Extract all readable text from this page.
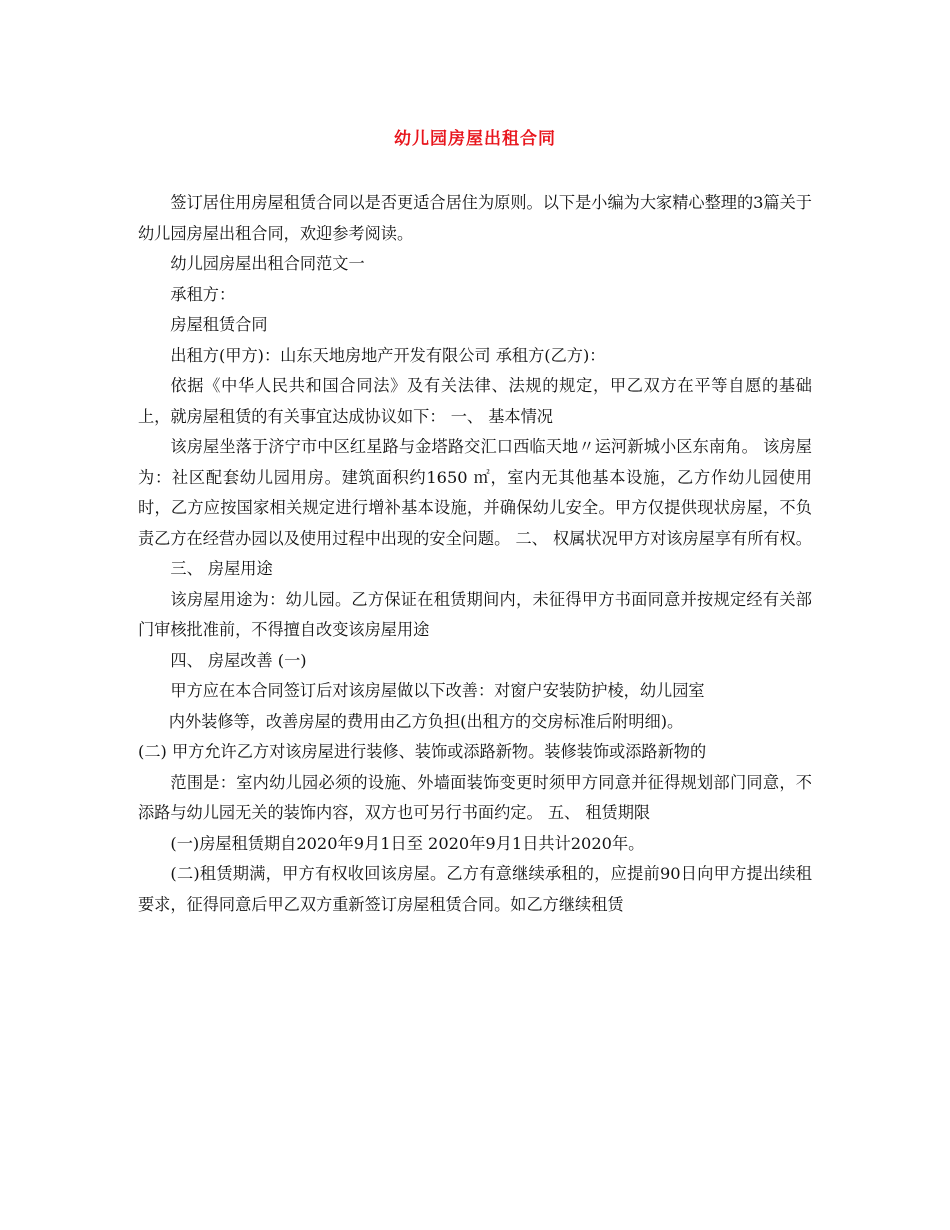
幼儿园房屋出租合同

签订居住用房屋租赁合同以是否更适合居住为原则。以下是小编为大家精心整理的3篇关于幼儿园房屋出租合同，欢迎参考阅读。

幼儿园房屋出租合同范文一

承租方：

房屋租赁合同

出租方(甲方)：山东天地房地产开发有限公司 承租方(乙方)：

依据《中华人民共和国合同法》及有关法律、法规的规定，甲乙双方在平等自愿的基础上，就房屋租赁的有关事宜达成协议如下： 一、 基本情况

该房屋坐落于济宁市中区红星路与金塔路交汇口西临天地〃运河新城小区东南角。 该房屋为：社区配套幼儿园用房。建筑面积约1650 ㎡，室内无其他基本设施，乙方作幼儿园使用时，乙方应按国家相关规定进行增补基本设施，并确保幼儿安全。甲方仅提供现状房屋，不负责乙方在经营办园以及使用过程中出现的安全问题。 二、 权属状况甲方对该房屋享有所有权。

三、 房屋用途

该房屋用途为：幼儿园。乙方保证在租赁期间内，未征得甲方书面同意并按规定经有关部门审核批准前，不得擅自改变该房屋用途

四、 房屋改善 (一)

甲方应在本合同签订后对该房屋做以下改善：对窗户安装防护棱，幼儿园室

内外装修等，改善房屋的费用由乙方负担(出租方的交房标准后附明细)。

(二) 甲方允许乙方对该房屋进行装修、装饰或添路新物。装修装饰或添路新物的

范围是：室内幼儿园必须的设施、外墙面装饰变更时须甲方同意并征得规划部门同意，不添路与幼儿园无关的装饰内容，双方也可另行书面约定。 五、 租赁期限

(一)房屋租赁期自2020年9月1日至 2020年9月1日共计2020年。

(二)租赁期满，甲方有权收回该房屋。乙方有意继续承租的，应提前90日向甲方提出续租要求，征得同意后甲乙双方重新签订房屋租赁合同。如乙方继续租赁
